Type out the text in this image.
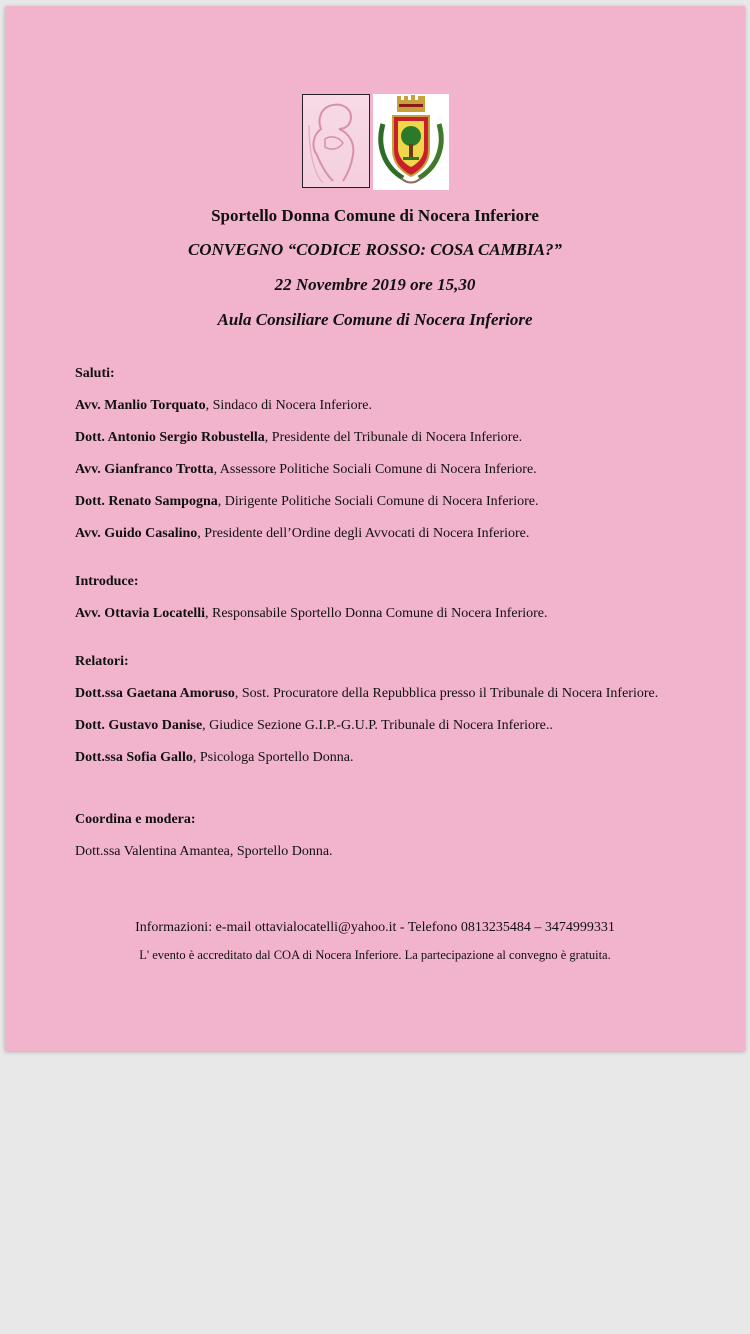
Sportello Donna Comune di Nocera Inferiore
CONVEGNO “CODICE ROSSO: COSA CAMBIA?”
22 Novembre 2019 ore 15,30
Aula Consiliare Comune di Nocera Inferiore

Saluti:

Avv. Manlio Torquato, Sindaco di Nocera Inferiore.

Dott. Antonio Sergio Robustella, Presidente del Tribunale di Nocera Inferiore.

Avv. Gianfranco Trotta, Assessore Politiche Sociali Comune di Nocera Inferiore.

Dott. Renato Sampogna, Dirigente Politiche Sociali Comune di Nocera Inferiore.

Avv. Guido Casalino, Presidente dell’Ordine degli Avvocati di Nocera Inferiore.

Introduce:

Avv. Ottavia Locatelli, Responsabile Sportello Donna Comune di Nocera Inferiore.

Relatori:

Dott.ssa Gaetana Amoruso, Sost. Procuratore della Repubblica presso il Tribunale di Nocera Inferiore.

Dott. Gustavo Danise, Giudice Sezione G.I.P.-G.U.P. Tribunale di Nocera Inferiore..

Dott.ssa Sofia Gallo, Psicologa Sportello Donna.

Coordina e modera:

Dott.ssa Valentina Amantea, Sportello Donna.

Informazioni: e-mail ottavialocatelli@yahoo.it - Telefono 0813235484 – 3474999331
L' evento è accreditato dal COA di Nocera Inferiore. La partecipazione al convegno è gratuita.
